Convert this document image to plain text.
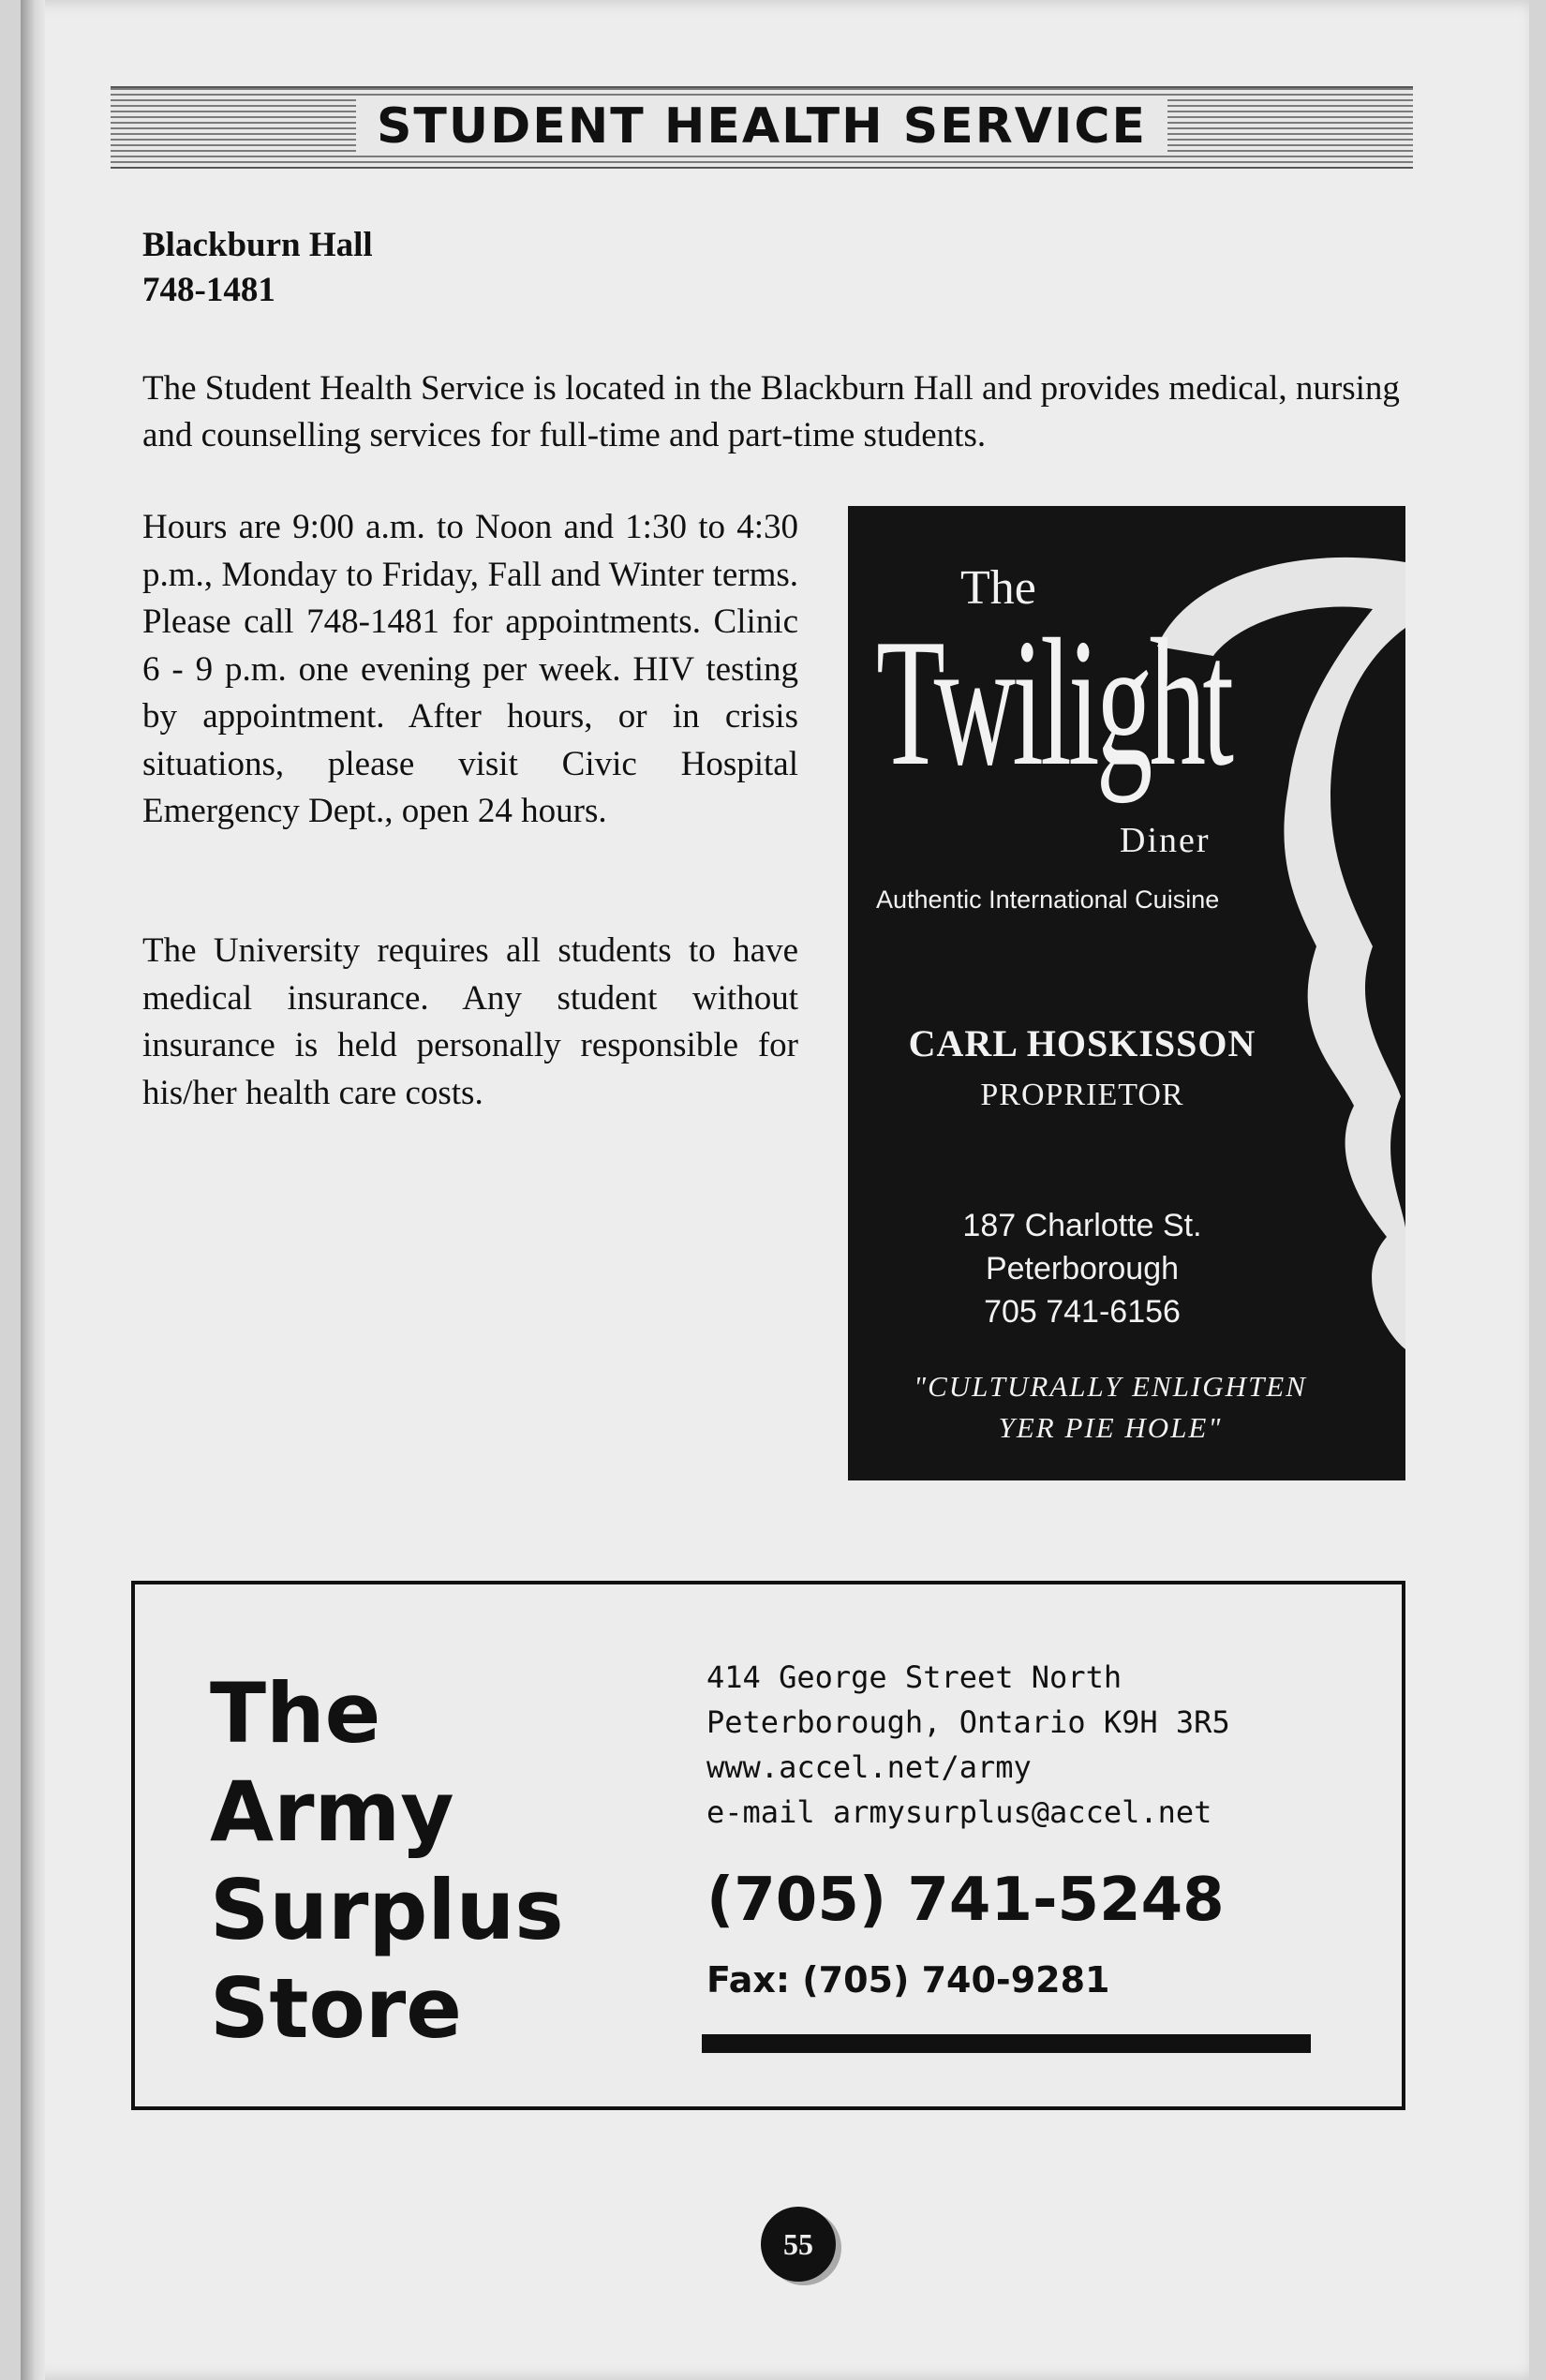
STUDENT HEALTH SERVICE
Blackburn Hall
748-1481
The Student Health Service is located in the Blackburn Hall and provides medical, nursing and counselling services for full-time and part-time students.
Hours are 9:00 a.m. to Noon and 1:30 to 4:30 p.m., Monday to Friday, Fall and Winter terms. Please call 748-1481 for appointments. Clinic 6 - 9 p.m. one evening per week. HIV testing by appointment. After hours, or in crisis situations, please visit Civic Hospital Emergency Dept., open 24 hours.
The University requires all students to have medical insurance. Any student without insurance is held personally responsible for his/her health care costs.
The
Twilight
Diner
Authentic International Cuisine
CARL HOSKISSON
PROPRIETOR
187 Charlotte St.
Peterborough
705 741-6156
"CULTURALLY ENLIGHTEN
YER PIE HOLE"
The
Army
Surplus
Store
414 George Street North
Peterborough, Ontario K9H 3R5
www.accel.net/army
e-mail armysurplus@accel.net
(705) 741-5248
Fax: (705) 740-9281
55
